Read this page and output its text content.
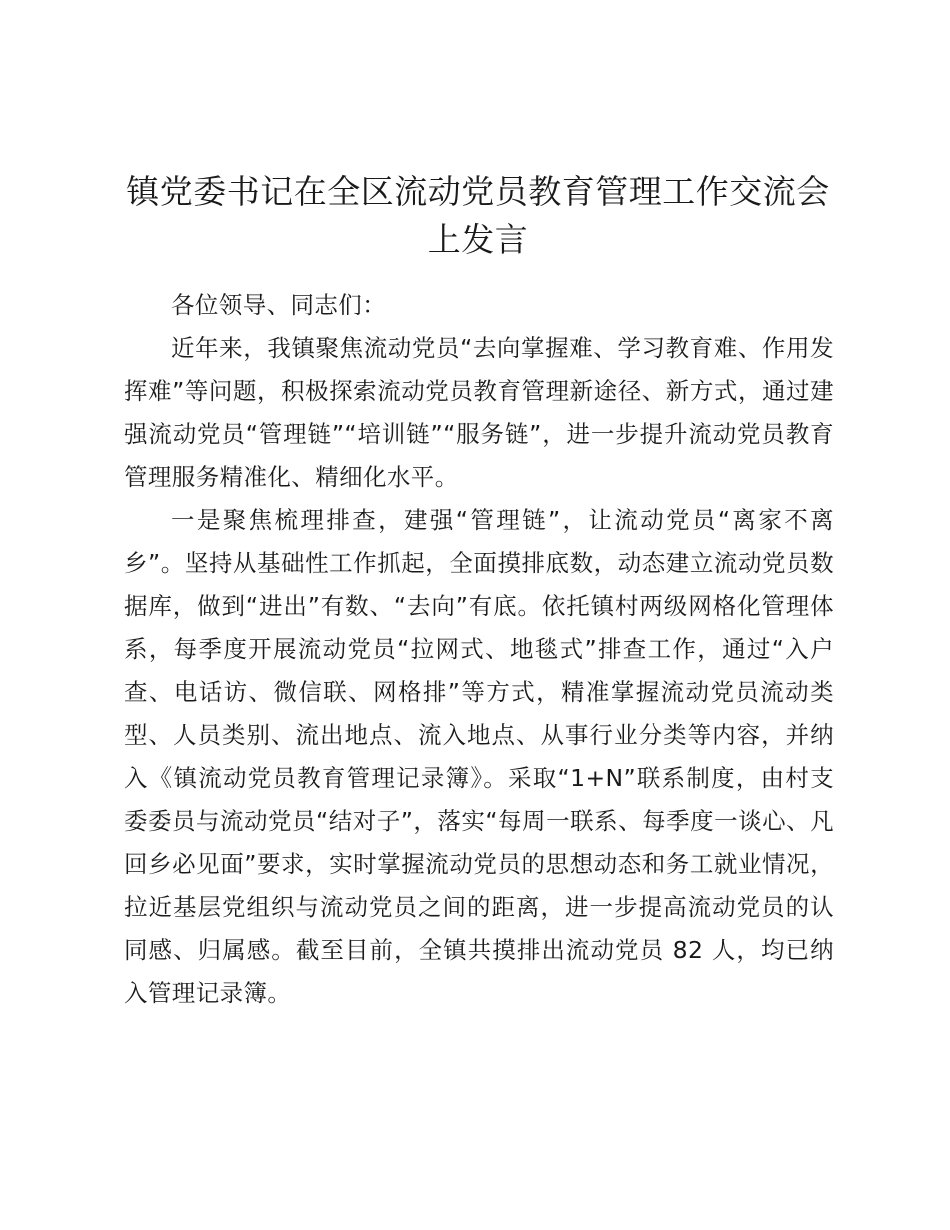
镇党委书记在全区流动党员教育管理工作交流会上发言

各位领导、同志们：

近年来，我镇聚焦流动党员“去向掌握难、学习教育难、作用发挥难”等问题，积极探索流动党员教育管理新途径、新方式，通过建强流动党员“管理链”“培训链”“服务链”，进一步提升流动党员教育管理服务精准化、精细化水平。

一是聚焦梳理排查，建强“管理链”，让流动党员“离家不离乡”。坚持从基础性工作抓起，全面摸排底数，动态建立流动党员数据库，做到“进出”有数、“去向”有底。依托镇村两级网格化管理体系，每季度开展流动党员“拉网式、地毯式”排查工作，通过“入户查、电话访、微信联、网格排”等方式，精准掌握流动党员流动类型、人员类别、流出地点、流入地点、从事行业分类等内容，并纳入《镇流动党员教育管理记录簿》。采取“1+N”联系制度，由村支委委员与流动党员“结对子”，落实“每周一联系、每季度一谈心、凡回乡必见面”要求，实时掌握流动党员的思想动态和务工就业情况，拉近基层党组织与流动党员之间的距离，进一步提高流动党员的认同感、归属感。截至目前，全镇共摸排出流动党员 82 人，均已纳入管理记录簿。
